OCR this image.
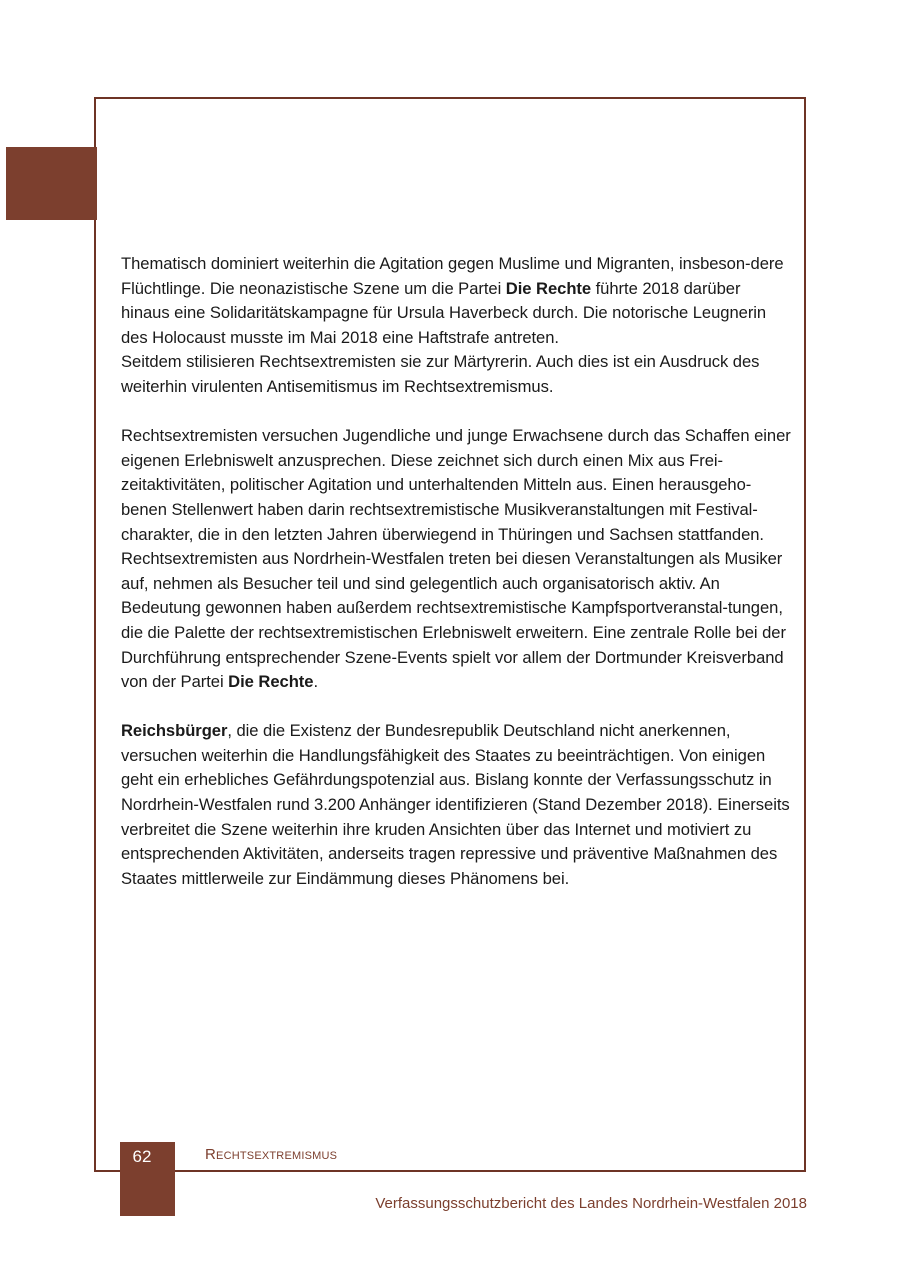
Thematisch dominiert weiterhin die Agitation gegen Muslime und Migranten, insbeson-dere Flüchtlinge. Die neonazistische Szene um die Partei Die Rechte führte 2018 darüber hinaus eine Solidaritätskampagne für Ursula Haverbeck durch. Die notorische Leugnerin des Holocaust musste im Mai 2018 eine Haftstrafe antreten.
Seitdem stilisieren Rechtsextremisten sie zur Märtyrerin. Auch dies ist ein Ausdruck des weiterhin virulenten Antisemitismus im Rechtsextremismus.

Rechtsextremisten versuchen Jugendliche und junge Erwachsene durch das Schaffen einer eigenen Erlebniswelt anzusprechen. Diese zeichnet sich durch einen Mix aus Frei-zeitaktivitäten, politischer Agitation und unterhaltenden Mitteln aus. Einen herausgeho-benen Stellenwert haben darin rechtsextremistische Musikveranstaltungen mit Festival-charakter, die in den letzten Jahren überwiegend in Thüringen und Sachsen stattfanden. Rechtsextremisten aus Nordrhein-Westfalen treten bei diesen Veranstaltungen als Musiker auf, nehmen als Besucher teil und sind gelegentlich auch organisatorisch aktiv. An Bedeutung gewonnen haben außerdem rechtsextremistische Kampfsportveranstal-tungen, die die Palette der rechtsextremistischen Erlebniswelt erweitern. Eine zentrale Rolle bei der Durchführung entsprechender Szene-Events spielt vor allem der Dortmunder Kreisverband von der Partei Die Rechte.

Reichsbürger, die die Existenz der Bundesrepublik Deutschland nicht anerkennen, versuchen weiterhin die Handlungsfähigkeit des Staates zu beeinträchtigen. Von einigen geht ein erhebliches Gefährdungspotenzial aus. Bislang konnte der Verfassungsschutz in Nordrhein-Westfalen rund 3.200 Anhänger identifizieren (Stand Dezember 2018). Einerseits verbreitet die Szene weiterhin ihre kruden Ansichten über das Internet und motiviert zu entsprechenden Aktivitäten, anderseits tragen repressive und präventive Maßnahmen des Staates mittlerweile zur Eindämmung dieses Phänomens bei.

62	Rechtsextremismus
Verfassungsschutzbericht des Landes Nordrhein-Westfalen 2018
